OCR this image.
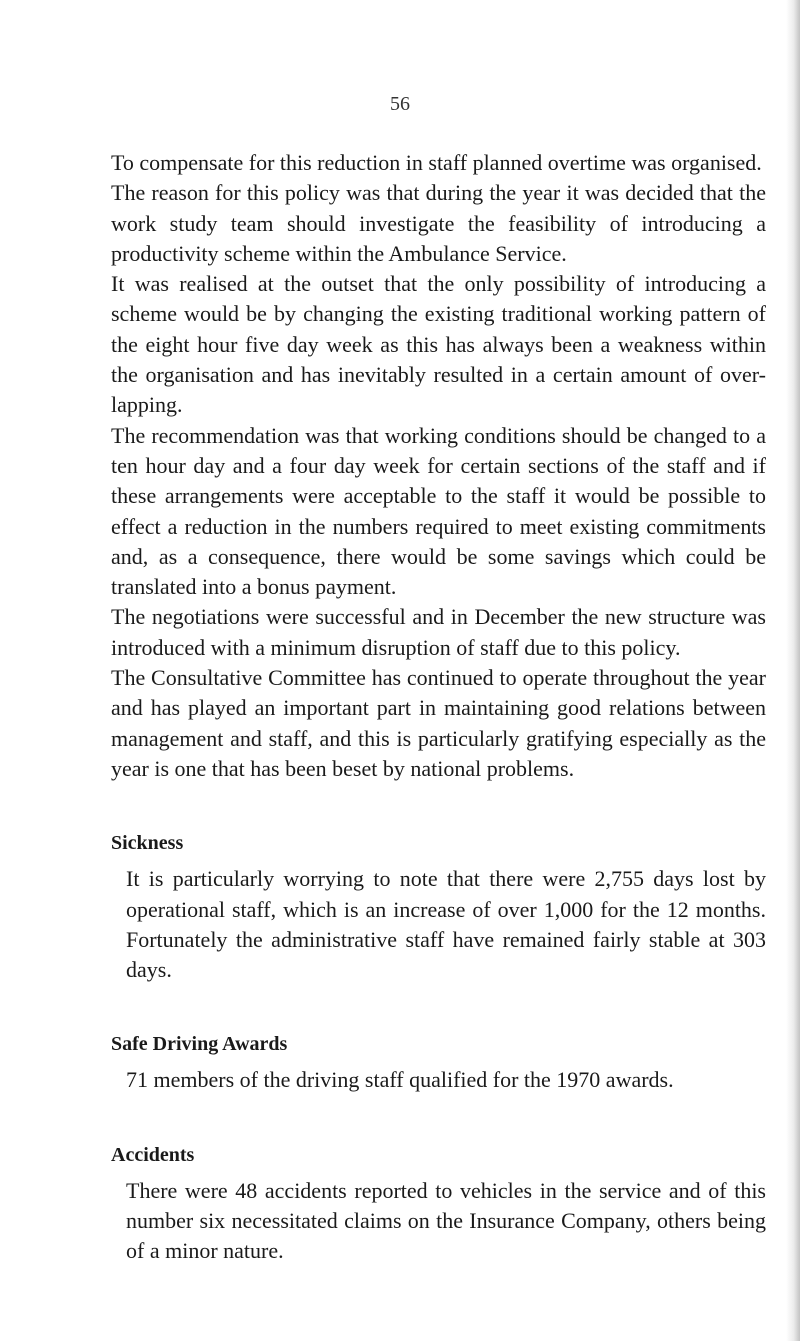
56

To compensate for this reduction in staff planned overtime was organised.

The reason for this policy was that during the year it was decided that the work study team should investigate the feasibility of introducing a productivity scheme within the Ambulance Service.

It was realised at the outset that the only possibility of introducing a scheme would be by changing the existing traditional working pattern of the eight hour five day week as this has always been a weakness within the organisation and has inevitably resulted in a certain amount of over-lapping.

The recommendation was that working conditions should be changed to a ten hour day and a four day week for certain sections of the staff and if these arrangements were acceptable to the staff it would be possible to effect a reduction in the numbers required to meet existing commitments and, as a consequence, there would be some savings which could be translated into a bonus payment.

The negotiations were successful and in December the new structure was introduced with a minimum disruption of staff due to this policy.

The Consultative Committee has continued to operate throughout the year and has played an important part in maintaining good relations between management and staff, and this is particularly gratifying especially as the year is one that has been beset by national problems.

Sickness

It is particularly worrying to note that there were 2,755 days lost by operational staff, which is an increase of over 1,000 for the 12 months. Fortunately the administrative staff have remained fairly stable at 303 days.

Safe Driving Awards

71 members of the driving staff qualified for the 1970 awards.

Accidents

There were 48 accidents reported to vehicles in the service and of this number six necessitated claims on the Insurance Company, others being of a minor nature.
